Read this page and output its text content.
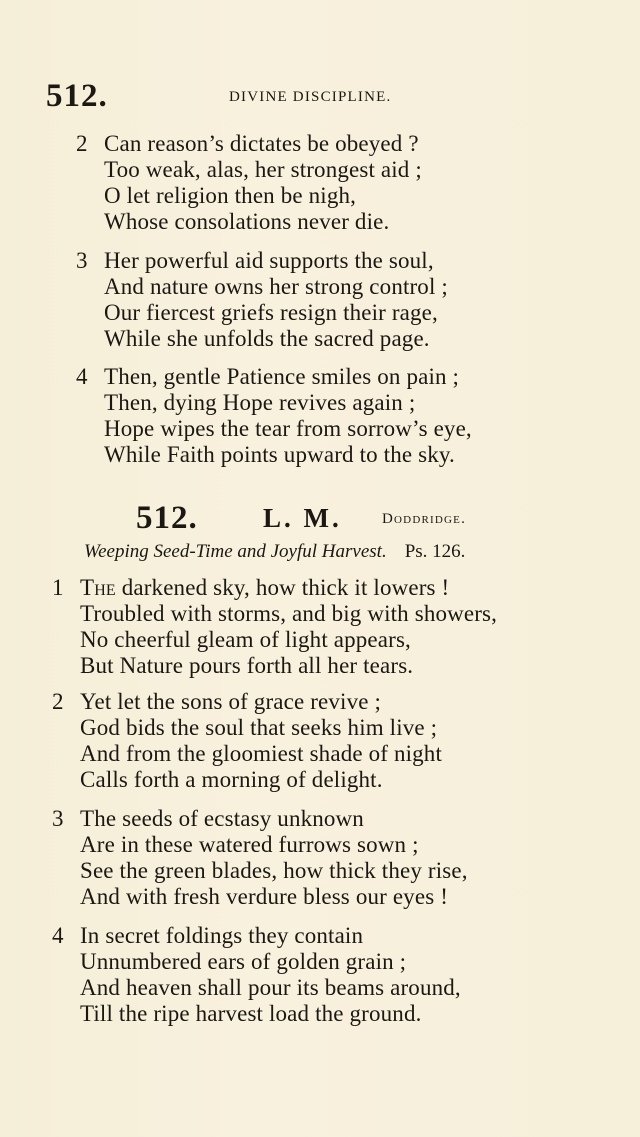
512.	DIVINE DISCIPLINE.
2 Can reason’s dictates be obeyed ?
Too weak, alas, her strongest aid ;
O let religion then be nigh,
Whose consolations never die.
3 Her powerful aid supports the soul,
And nature owns her strong control ;
Our fiercest griefs resign their rage,
While she unfolds the sacred page.
4 Then, gentle Patience smiles on pain ;
Then, dying Hope revives again ;
Hope wipes the tear from sorrow’s eye,
While Faith points upward to the sky.
512. L. M.	Doddridge.
Weeping Seed-Time and Joyful Harvest. Ps. 126.
1 The darkened sky, how thick it lowers !
Troubled with storms, and big with showers,
No cheerful gleam of light appears,
But Nature pours forth all her tears.
2 Yet let the sons of grace revive ;
God bids the soul that seeks him live ;
And from the gloomiest shade of night
Calls forth a morning of delight.
3 The seeds of ecstasy unknown
Are in these watered furrows sown ;
See the green blades, how thick they rise,
And with fresh verdure bless our eyes !
4 In secret foldings they contain
Unnumbered ears of golden grain ;
And heaven shall pour its beams around,
Till the ripe harvest load the ground.
